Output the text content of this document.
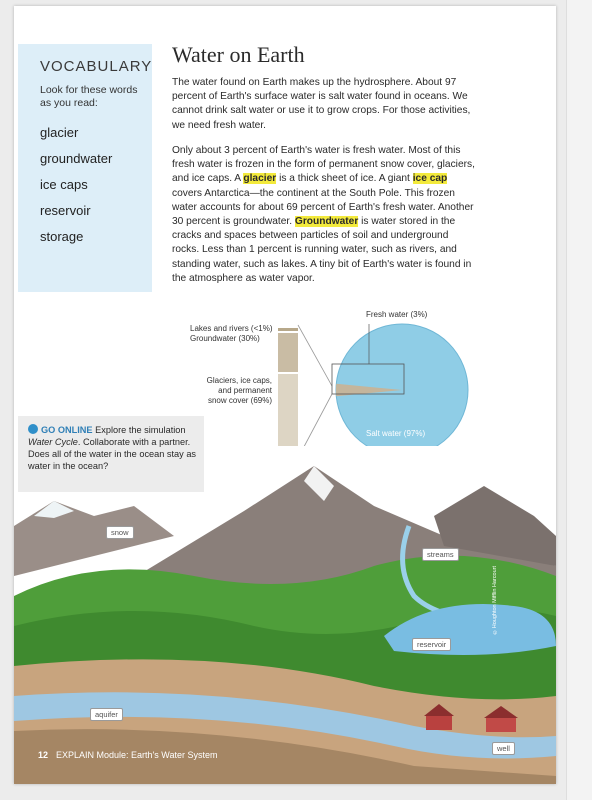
VOCABULARY
Look for these words as you read:
glacier
groundwater
ice caps
reservoir
storage
Water on Earth

The water found on Earth makes up the hydrosphere. About 97 percent of Earth's surface water is salt water found in oceans. We cannot drink salt water or use it to grow crops. For those activities, we need fresh water.

Only about 3 percent of Earth's water is fresh water. Most of this fresh water is frozen in the form of permanent snow cover, glaciers, and ice caps. A glacier is a thick sheet of ice. A giant ice cap covers Antarctica—the continent at the South Pole. This frozen water accounts for about 69 percent of Earth's fresh water. Another 30 percent is groundwater. Groundwater is water stored in the cracks and spaces between particles of soil and underground rocks. Less than 1 percent is running water, such as rivers, and standing water, such as lakes. A tiny bit of Earth's water is found in the atmosphere as water vapor.

Lakes and rivers (<1%)
Groundwater (30%)
Glaciers, ice caps,
and permanent
snow cover (69%)
Fresh water (3%)
Salt water (97%)
snow
streams
reservoir
aquifer
well
GO ONLINE Explore the simulation Water Cycle. Collaborate with a partner. Does all of the water in the ocean stay as water in the ocean?
©Houghton Mifflin Harcourt
12 EXPLAIN Module: Earth's Water System
